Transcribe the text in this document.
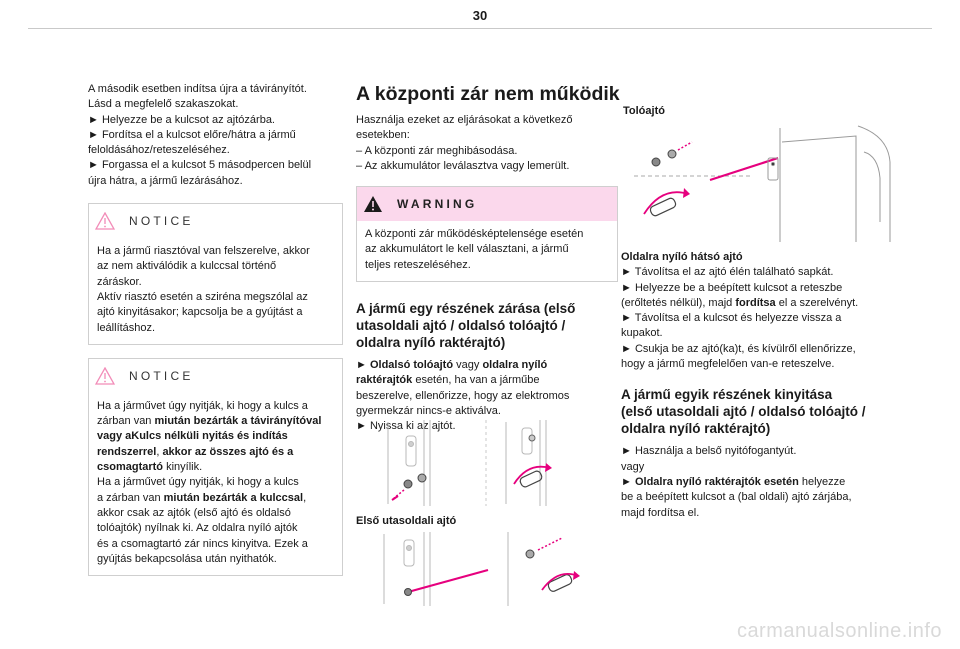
30

A második esetben indítsa újra a távirányítót.
Lásd a megfelelő szakaszokat.
► Helyezze be a kulcsot az ajtózárba.
► Fordítsa el a kulcsot előre/hátra a jármű
feloldásához/reteszeléséhez.
► Forgassa el a kulcsot 5 másodpercen belül
újra hátra, a jármű lezárásához.

NOTICE

Ha a jármű riasztóval van felszerelve, akkor
az nem aktiválódik a kulccsal történő
záráskor.
Aktív riasztó esetén a sziréna megszólal az
ajtó kinyitásakor; kapcsolja be a gyújtást a
leállításhoz.

NOTICE

Ha a járművet úgy nyitják, ki hogy a kulcs a
zárban van miután bezárták a távirányítóval
vagy aKulcs nélküli nyitás és indítás
rendszerrel, akkor az összes ajtó és a
csomagtartó kinyílik.
Ha a járművet úgy nyitják, ki hogy a kulcs
a zárban van miután bezárták a kulccsal,
akkor csak az ajtók (első ajtó és oldalsó
tolóajtók) nyílnak ki. Az oldalra nyíló ajtók
és a csomagtartó zár nincs kinyitva. Ezek a
gyújtás bekapcsolása után nyithatók.

A központi zár nem működik

Használja ezeket az eljárásokat a következő
esetekben:
– A központi zár meghibásodása.
– Az akkumulátor leválasztva vagy lemerült.

WARNING

A központi zár működésképtelensége esetén
az akkumulátort le kell választani, a jármű
teljes reteszeléséhez.

A jármű egy részének zárása (első
utasoldali ajtó / oldalsó tolóajtó /
oldalra nyíló raktérajtó)

► Oldalsó tolóajtó vagy oldalra nyíló
raktérajtók esetén, ha van a járműbe
beszerelve, ellenőrizze, hogy az elektromos
gyermekzár nincs-e aktiválva.
► Nyissa ki az ajtót.

Első utasoldali ajtó
Tolóajtó

Oldalra nyíló hátsó ajtó
► Távolítsa el az ajtó élén található sapkát.
► Helyezze be a beépített kulcsot a reteszbe
(erőltetés nélkül), majd fordítsa el a szerelvényt.
► Távolítsa el a kulcsot és helyezze vissza a
kupakot.
► Csukja be az ajtó(ka)t, és kívülről ellenőrizze,
hogy a jármű megfelelően van-e reteszelve.

A jármű egyik részének kinyitása
(első utasoldali ajtó / oldalsó tolóajtó /
oldalra nyíló raktérajtó)

► Használja a belső nyitófogantyút.
vagy
► Oldalra nyíló raktérajtók esetén helyezze
be a beépített kulcsot a (bal oldali) ajtó zárjába,
majd fordítsa el.

carmanualsonline.info
